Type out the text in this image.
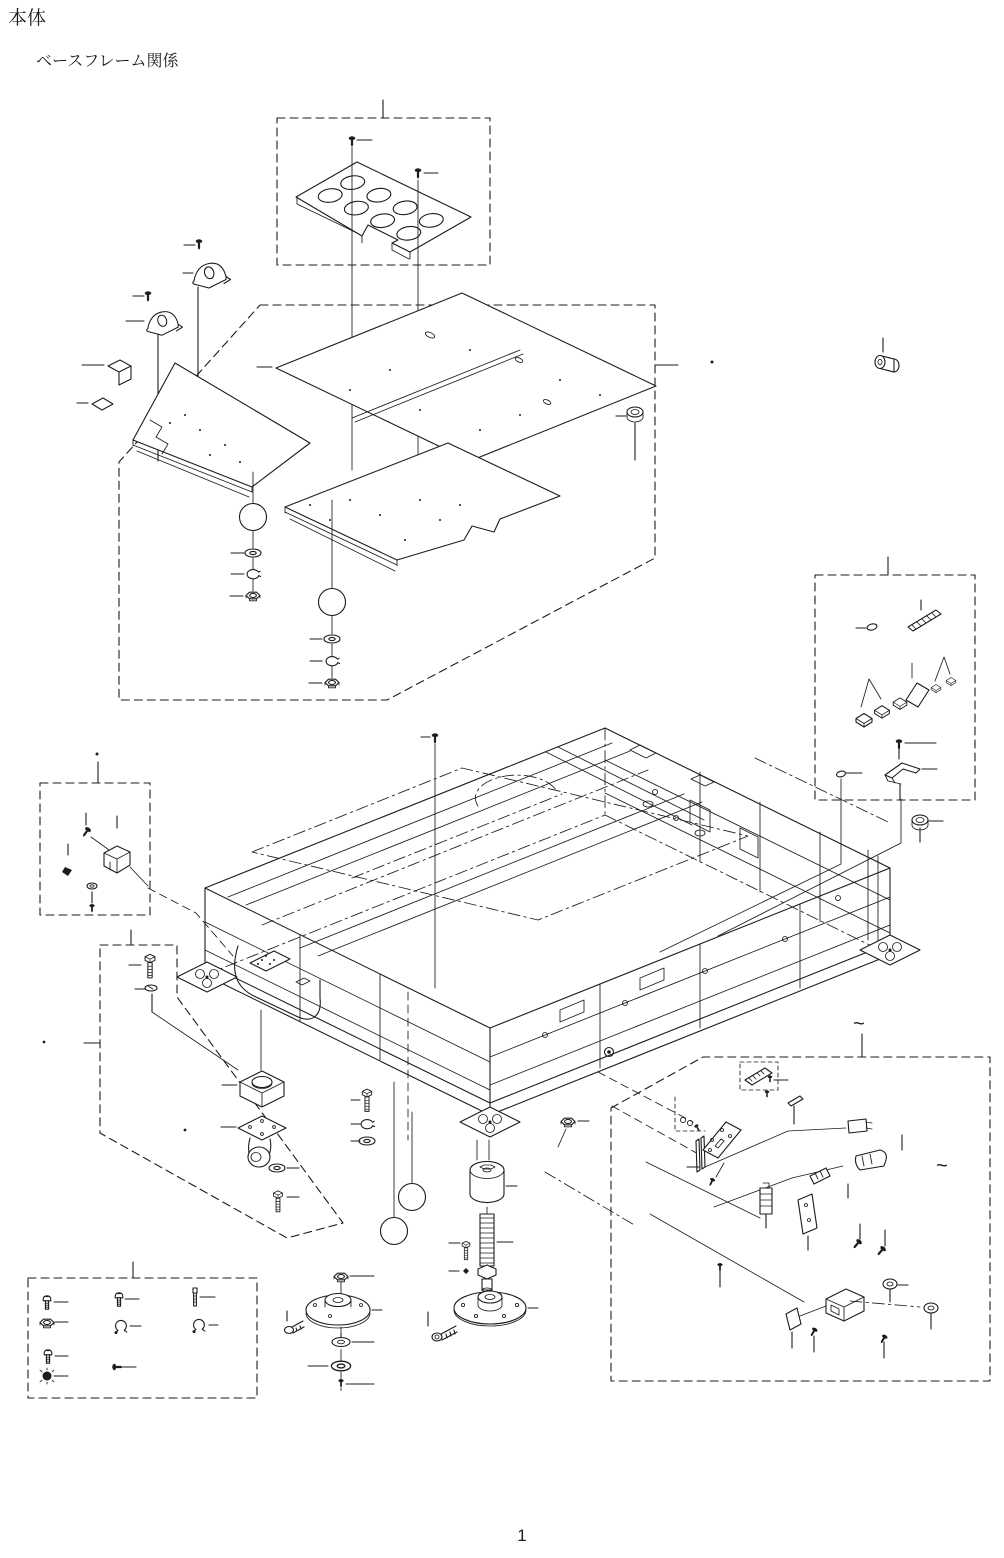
本体
ベースフレーム関係
~
~
1
